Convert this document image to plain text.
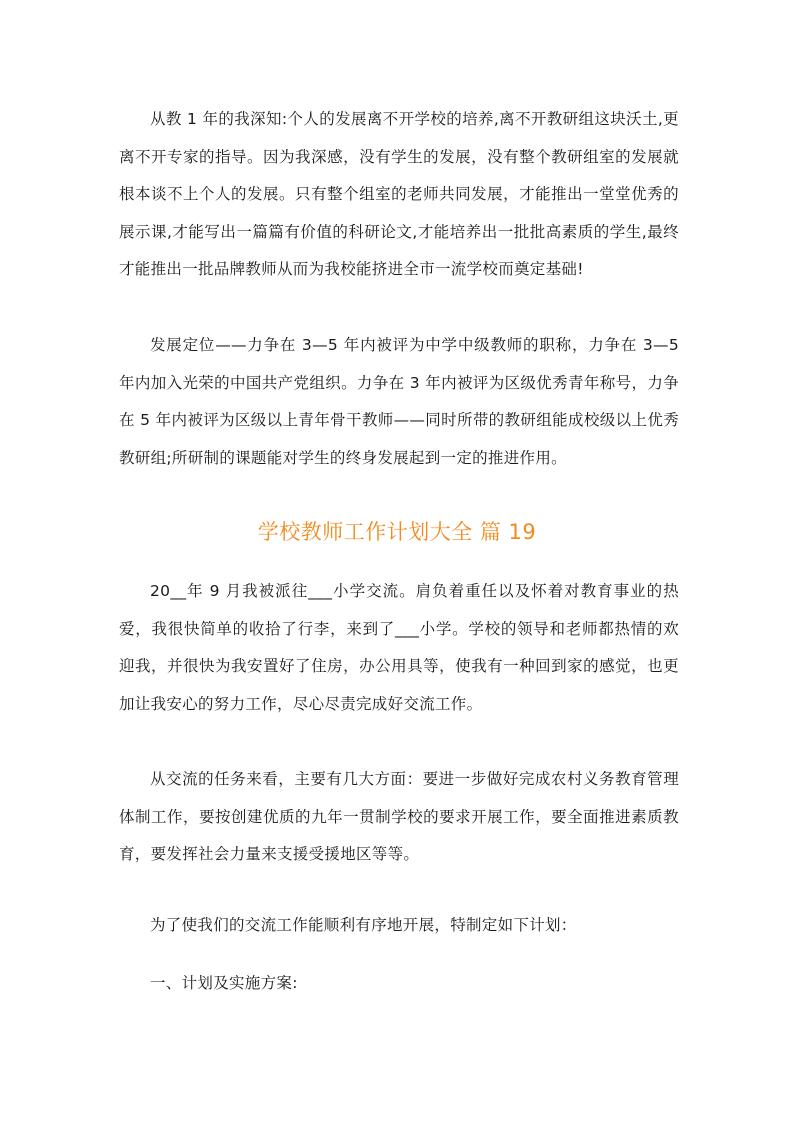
从教 1 年的我深知:个人的发展离不开学校的培养,离不开教研组这块沃土,更离不开专家的指导。因为我深感，没有学生的发展，没有整个教研组室的发展就根本谈不上个人的发展。只有整个组室的老师共同发展，才能推出一堂堂优秀的展示课,才能写出一篇篇有价值的科研论文,才能培养出一批批高素质的学生,最终才能推出一批品牌教师从而为我校能挤进全市一流学校而奠定基础!

发展定位——力争在 3—5 年内被评为中学中级教师的职称，力争在 3—5 年内加入光荣的中国共产党组织。力争在 3 年内被评为区级优秀青年称号，力争在 5 年内被评为区级以上青年骨干教师——同时所带的教研组能成校级以上优秀教研组;所研制的课题能对学生的终身发展起到一定的推进作用。

学校教师工作计划大全 篇 19

20__年 9 月我被派往___小学交流。肩负着重任以及怀着对教育事业的热爱，我很快简单的收拾了行李，来到了___小学。学校的领导和老师都热情的欢迎我，并很快为我安置好了住房，办公用具等，使我有一种回到家的感觉，也更加让我安心的努力工作，尽心尽责完成好交流工作。

从交流的任务来看，主要有几大方面：要进一步做好完成农村义务教育管理体制工作，要按创建优质的九年一贯制学校的要求开展工作，要全面推进素质教育，要发挥社会力量来支援受援地区等等。

为了使我们的交流工作能顺利有序地开展，特制定如下计划：

一、计划及实施方案:
